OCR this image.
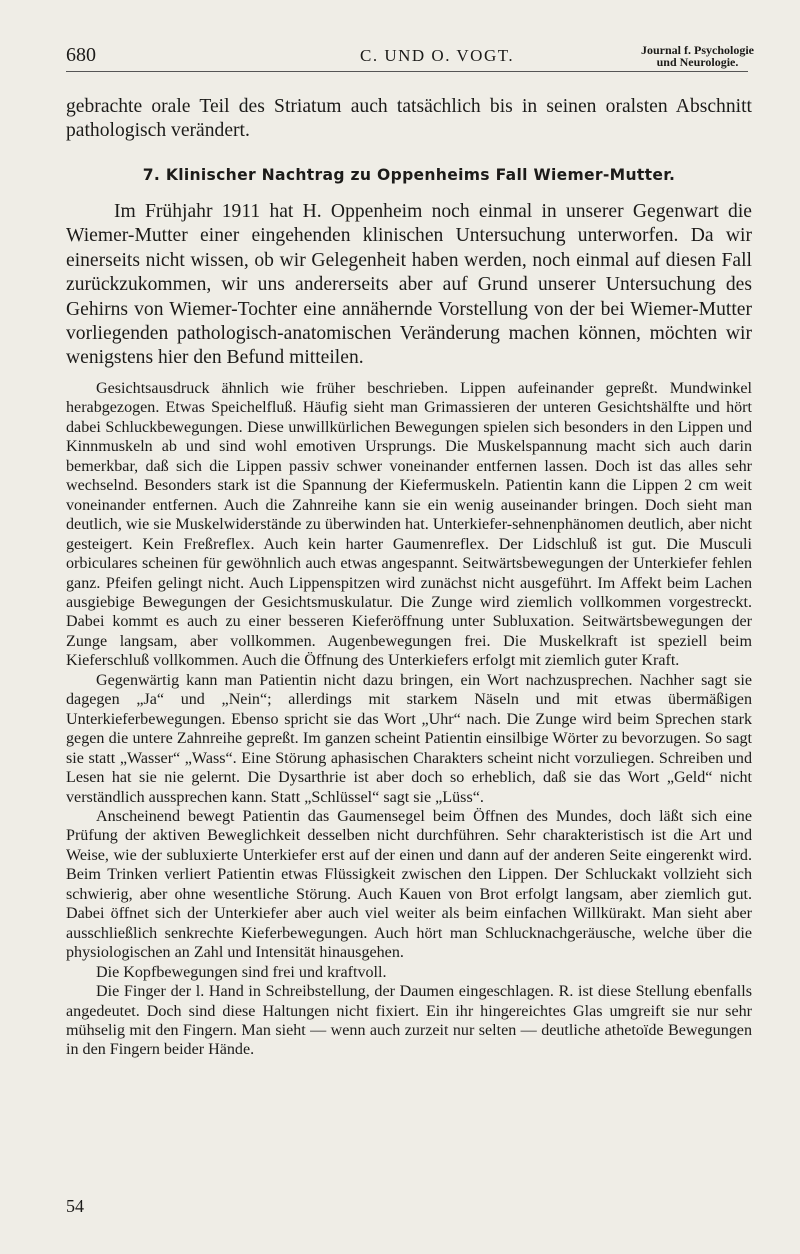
680	C. UND O. VOGT.	Journal f. Psychologie
und Neurologie.

gebrachte orale Teil des Striatum auch tatsächlich bis in seinen oralsten Abschnitt pathologisch verändert.

7. Klinischer Nachtrag zu Oppenheims Fall Wiemer-Mutter.

Im Frühjahr 1911 hat H. Oppenheim noch einmal in unserer Gegenwart die Wiemer-Mutter einer eingehenden klinischen Untersuchung unterworfen. Da wir einerseits nicht wissen, ob wir Gelegenheit haben werden, noch einmal auf diesen Fall zurückzukommen, wir uns andererseits aber auf Grund unserer Untersuchung des Gehirns von Wiemer-Tochter eine annähernde Vorstellung von der bei Wiemer-Mutter vorliegenden pathologisch-anatomischen Veränderung machen können, möchten wir wenigstens hier den Befund mitteilen.

Gesichtsausdruck ähnlich wie früher beschrieben. Lippen aufeinander gepreßt. Mundwinkel herabgezogen. Etwas Speichelfluß. Häufig sieht man Grimassieren der unteren Gesichtshälfte und hört dabei Schluckbewegungen. Diese unwillkürlichen Bewegungen spielen sich besonders in den Lippen und Kinnmuskeln ab und sind wohl emotiven Ursprungs. Die Muskelspannung macht sich auch darin bemerkbar, daß sich die Lippen passiv schwer voneinander entfernen lassen. Doch ist das alles sehr wechselnd. Besonders stark ist die Spannung der Kiefermuskeln. Patientin kann die Lippen 2 cm weit voneinander entfernen. Auch die Zahnreihe kann sie ein wenig auseinander bringen. Doch sieht man deutlich, wie sie Muskelwiderstände zu überwinden hat. Unterkiefer-sehnenphänomen deutlich, aber nicht gesteigert. Kein Freßreflex. Auch kein harter Gaumenreflex. Der Lidschluß ist gut. Die Musculi orbiculares scheinen für gewöhnlich auch etwas angespannt. Seitwärtsbewegungen der Unterkiefer fehlen ganz. Pfeifen gelingt nicht. Auch Lippenspitzen wird zunächst nicht ausgeführt. Im Affekt beim Lachen ausgiebige Bewegungen der Gesichtsmuskulatur. Die Zunge wird ziemlich vollkommen vorgestreckt. Dabei kommt es auch zu einer besseren Kieferöffnung unter Subluxation. Seitwärtsbewegungen der Zunge langsam, aber vollkommen. Augenbewegungen frei. Die Muskelkraft ist speziell beim Kieferschluß vollkommen. Auch die Öffnung des Unterkiefers erfolgt mit ziemlich guter Kraft.

Gegenwärtig kann man Patientin nicht dazu bringen, ein Wort nachzusprechen. Nachher sagt sie dagegen „Ja“ und „Nein“; allerdings mit starkem Näseln und mit etwas übermäßigen Unterkieferbewegungen. Ebenso spricht sie das Wort „Uhr“ nach. Die Zunge wird beim Sprechen stark gegen die untere Zahnreihe gepreßt. Im ganzen scheint Patientin einsilbige Wörter zu bevorzugen. So sagt sie statt „Wasser“ „Wass“. Eine Störung aphasischen Charakters scheint nicht vorzuliegen. Schreiben und Lesen hat sie nie gelernt. Die Dysarthrie ist aber doch so erheblich, daß sie das Wort „Geld“ nicht verständlich aussprechen kann. Statt „Schlüssel“ sagt sie „Lüss“.

Anscheinend bewegt Patientin das Gaumensegel beim Öffnen des Mundes, doch läßt sich eine Prüfung der aktiven Beweglichkeit desselben nicht durchführen. Sehr charakteristisch ist die Art und Weise, wie der subluxierte Unterkiefer erst auf der einen und dann auf der anderen Seite eingerenkt wird. Beim Trinken verliert Patientin etwas Flüssigkeit zwischen den Lippen. Der Schluckakt vollzieht sich schwierig, aber ohne wesentliche Störung. Auch Kauen von Brot erfolgt langsam, aber ziemlich gut. Dabei öffnet sich der Unterkiefer aber auch viel weiter als beim einfachen Willkürakt. Man sieht aber ausschließlich senkrechte Kieferbewegungen. Auch hört man Schlucknachgeräusche, welche über die physiologischen an Zahl und Intensität hinausgehen.

Die Kopfbewegungen sind frei und kraftvoll.

Die Finger der l. Hand in Schreibstellung, der Daumen eingeschlagen. R. ist diese Stellung ebenfalls angedeutet. Doch sind diese Haltungen nicht fixiert. Ein ihr hingereichtes Glas umgreift sie nur sehr mühselig mit den Fingern. Man sieht — wenn auch zurzeit nur selten — deutliche athetoïde Bewegungen in den Fingern beider Hände.

54
